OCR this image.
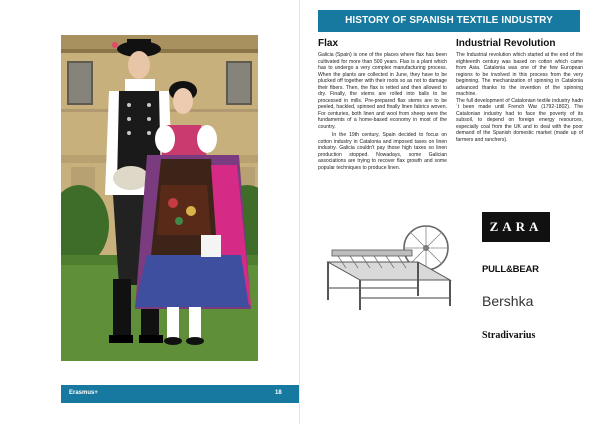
Erasmus+	18
HISTORY OF SPANISH TEXTILE INDUSTRY
Flax

Galicia (Spain) is one of the places where flax has been cultivated for more than 500 years. Flax is a plant which has to undergo a very complex manufacturing process. When the plants are collected in June, they have to be plucked off together with their roots so as not to damage their fibers. Then, the flax is retted and then allowed to dry. Finally, the stems are rolled into balls to be processed in mills. Pre-prepared flax stems are to be peeled, hackled, spinned and finally linen fabrics woven. For centuries, both linen and wool from sheep were the fundaments of a home-based economy in most of the country.

In the 19th century, Spain decided to focus on cotton industry in Catalonia and imposed taxes on linen industry. Galicia couldn't pay those high taxes so linen production stopped. Nowadays, some Galician associations are trying to recover flax growth and some popular techniques to produce linen.

Industrial Revolution

The Industrial revolution which started at the end of the eighteenth century was based on cotton which came from Asia. Catalonia was one of the few European regions to be involved in this process from the very beginning. The mechanization of spinning in Catalonia advanced thanks to the invention of the spinning machine.

The full development of Catalonian textile industry hadn´t been made until French War (1792-1802). The Catalonian industry had to face the poverty of its subsoil, to depend on foreign energy resources, especially coal from the UK and to deal with the poor demand of the Spanish domestic market (made up of farmers and ranchers).

ZARA
PULL&BEAR
Bershka
Stradivarius
